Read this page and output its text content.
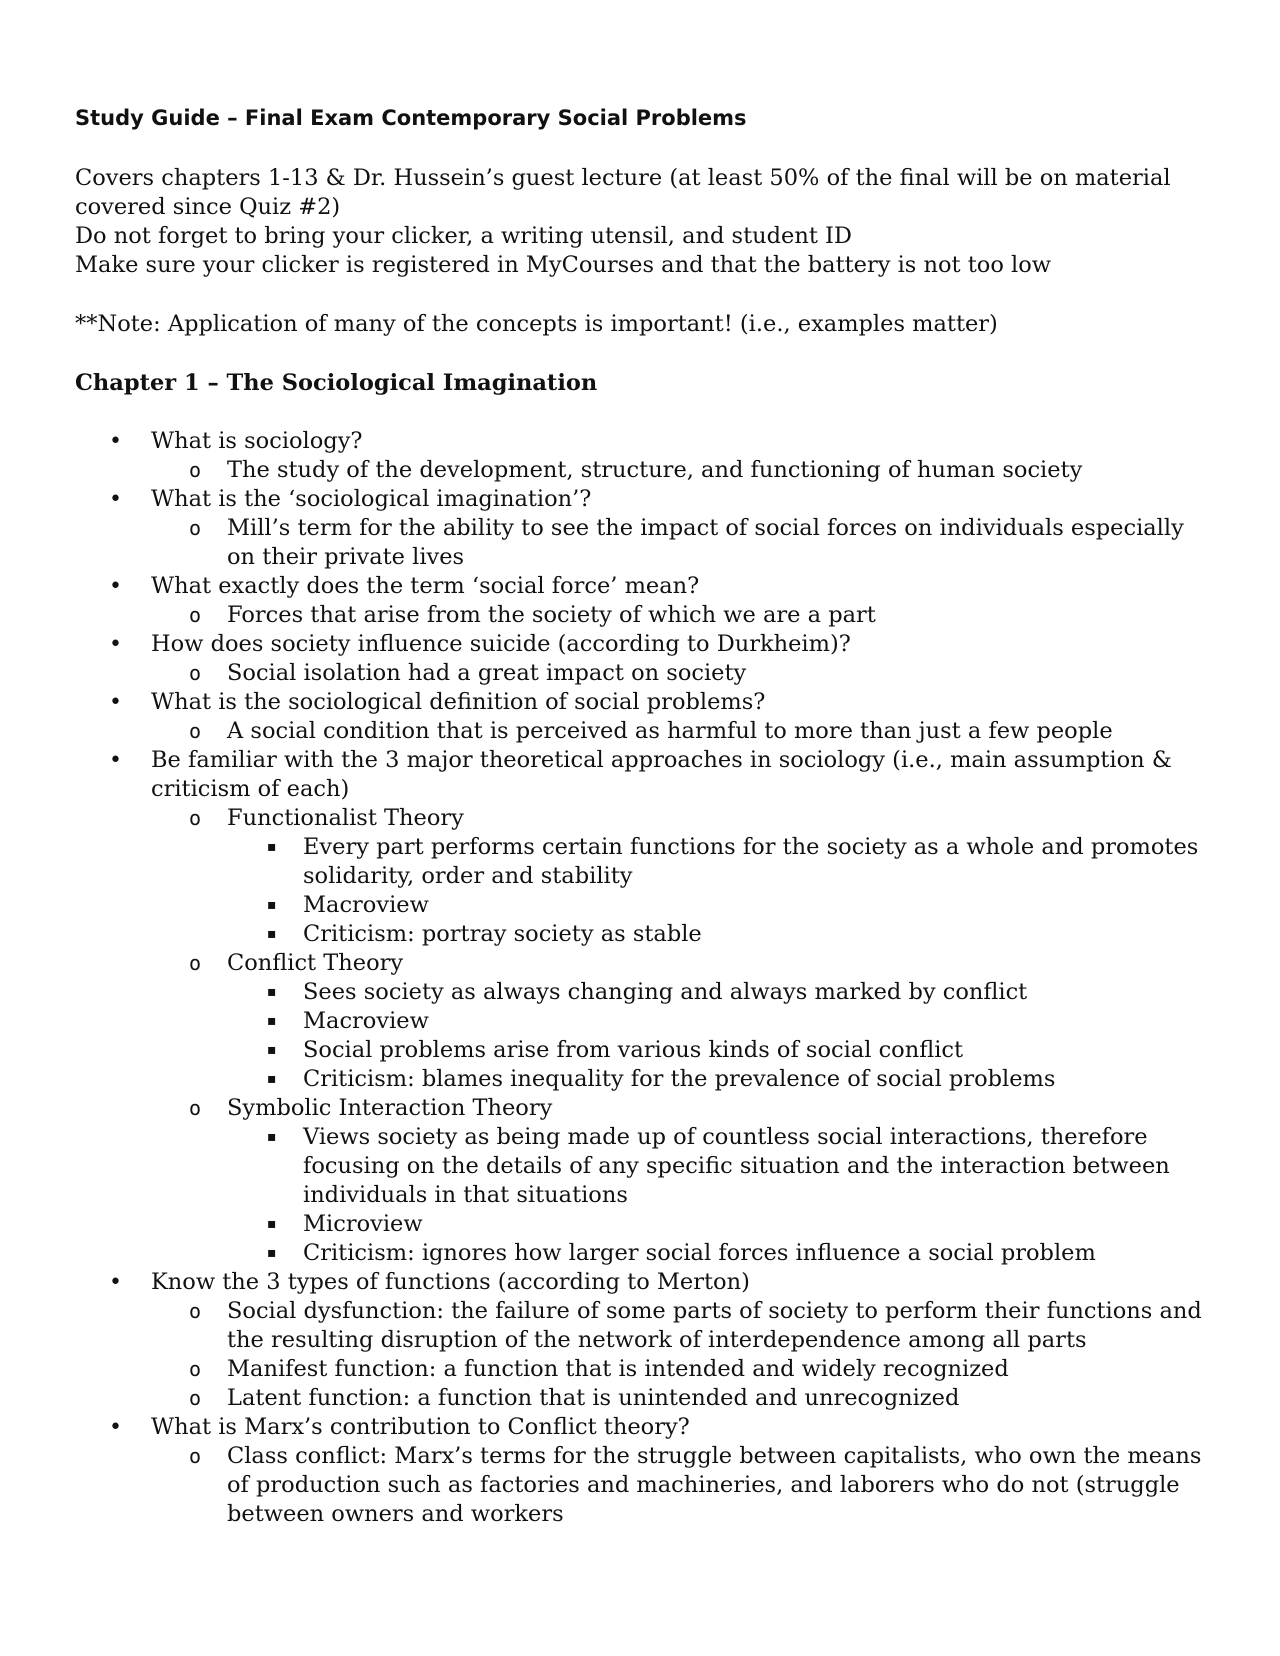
Study Guide – Final Exam Contemporary Social Problems

Covers chapters 1-13 & Dr. Hussein’s guest lecture (at least 50% of the final will be on material covered since Quiz #2)

Do not forget to bring your clicker, a writing utensil, and student ID

Make sure your clicker is registered in MyCourses and that the battery is not too low

**Note: Application of many of the concepts is important! (i.e., examples matter)
Chapter 1 – The Sociological Imagination
• What is sociology?
o The study of the development, structure, and functioning of human society
• What is the ‘sociological imagination’?
o Mill’s term for the ability to see the impact of social forces on individuals especially on their private lives
• What exactly does the term ‘social force’ mean?
o Forces that arise from the society of which we are a part
• How does society influence suicide (according to Durkheim)?
o Social isolation had a great impact on society
• What is the sociological definition of social problems?
o A social condition that is perceived as harmful to more than just a few people
• Be familiar with the 3 major theoretical approaches in sociology (i.e., main assumption & criticism of each)
o Functionalist Theory
▪ Every part performs certain functions for the society as a whole and promotes solidarity, order and stability
▪ Macroview
▪ Criticism: portray society as stable
o Conflict Theory
▪ Sees society as always changing and always marked by conflict
▪ Macroview
▪ Social problems arise from various kinds of social conflict
▪ Criticism: blames inequality for the prevalence of social problems
o Symbolic Interaction Theory
▪ Views society as being made up of countless social interactions, therefore focusing on the details of any specific situation and the interaction between individuals in that situations
▪ Microview
▪ Criticism: ignores how larger social forces influence a social problem
• Know the 3 types of functions (according to Merton)
o Social dysfunction: the failure of some parts of society to perform their functions and the resulting disruption of the network of interdependence among all parts
o Manifest function: a function that is intended and widely recognized
o Latent function: a function that is unintended and unrecognized
• What is Marx’s contribution to Conflict theory?
o Class conflict: Marx’s terms for the struggle between capitalists, who own the means of production such as factories and machineries, and laborers who do not (struggle between owners and workers
